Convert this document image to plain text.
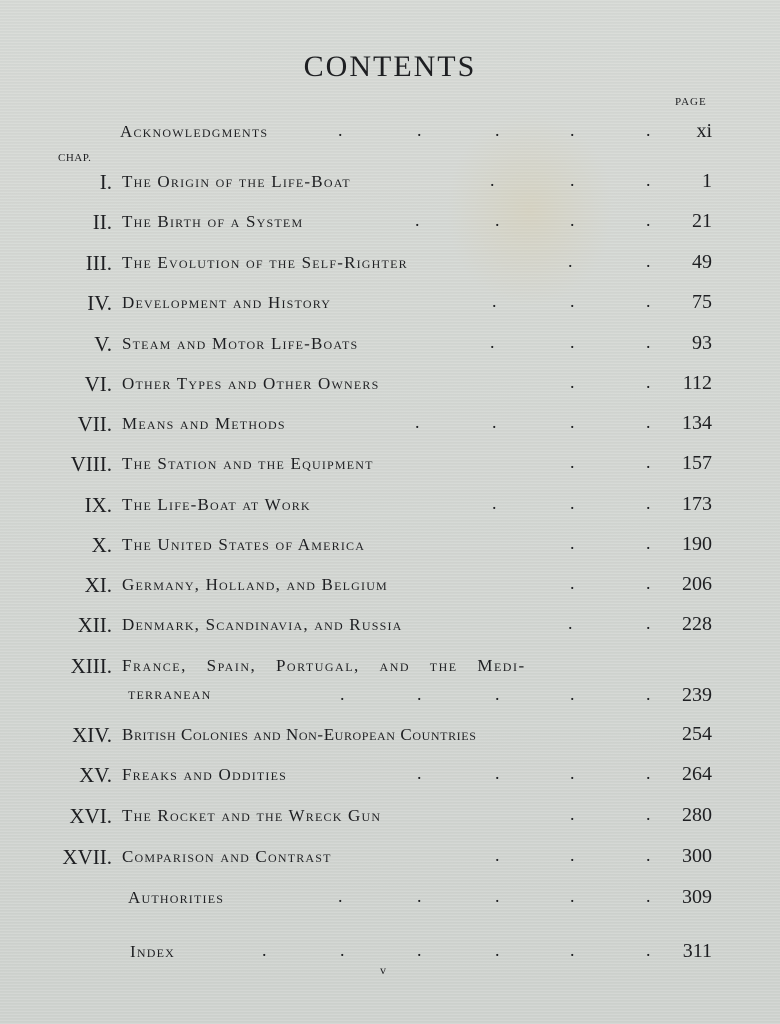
CONTENTS
PAGE
CHAP.
Acknowledgments	.	.	.	.	. xi
I. The Origin of the Life-Boat	.	.	.	1
II. The Birth of a System	.	.	.	. 21
III. The Evolution of the Self-Righter	.	. 49
IV. Development and History	.	.	. 75
V. Steam and Motor Life-Boats	.	.	. 93
VI. Other Types and Other Owners	.	. 112
VII. Means and Methods	.	.	.	. 134
VIII. The Station and the Equipment	.	. 157
IX. The Life-Boat at Work	.	.	. 173
X. The United States of America	.	. 190
XI. Germany, Holland, and Belgium	.	. 206
XII. Denmark, Scandinavia, and Russia	.	. 228
XIII. France, Spain, Portugal, and the Medi-
terranean	.	.	.	.	. 239
XIV. British Colonies and Non-European Countries	254
XV. Freaks and Oddities	.	.	.	. 264
XVI. The Rocket and the Wreck Gun	.	. 280
XVII. Comparison and Contrast	.	.	. 300
Authorities	.	.	.	.	. 309
Index	.	.	.	.	.	. 311
v
